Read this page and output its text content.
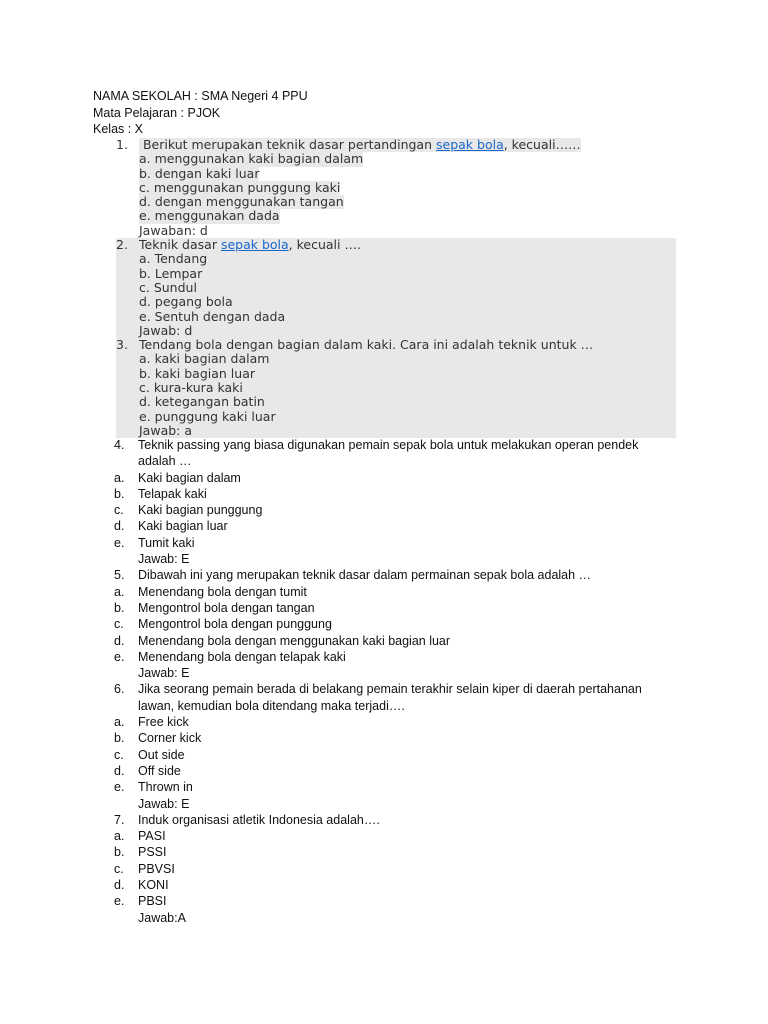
NAMA SEKOLAH : SMA Negeri 4 PPU
Mata Pelajaran : PJOK
Kelas : X
1. Berikut merupakan teknik dasar pertandingan sepak bola, kecuali……
a. menggunakan kaki bagian dalam
b. dengan kaki luar
c. menggunakan punggung kaki
d. dengan menggunakan tangan
e. menggunakan dada
Jawaban: d
2. Teknik dasar sepak bola, kecuali ….
a. Tendang
b. Lempar
c. Sundul
d. pegang bola
e. Sentuh dengan dada
Jawab: d
3. Tendang bola dengan bagian dalam kaki. Cara ini adalah teknik untuk …
a. kaki bagian dalam
b. kaki bagian luar
c. kura-kura kaki
d. ketegangan batin
e. punggung kaki luar
Jawab: a
4.	Teknik passing yang biasa digunakan pemain sepak bola untuk melakukan operan pendek
adalah …
a.	Kaki bagian dalam
b.	Telapak kaki
c.	Kaki bagian punggung
d.	Kaki bagian luar
e.	Tumit kaki
Jawab: E
5.	Dibawah ini yang merupakan teknik dasar dalam permainan sepak bola adalah …
a.	Menendang bola dengan tumit
b.	Mengontrol bola dengan tangan
c.	Mengontrol bola dengan punggung
d.	Menendang bola dengan menggunakan kaki bagian luar
e.	Menendang bola dengan telapak kaki
Jawab: E
6.	Jika seorang pemain berada di belakang pemain terakhir selain kiper di daerah pertahanan
lawan, kemudian bola ditendang maka terjadi….
a.	Free kick
b.	Corner kick
c.	Out side
d.	Off side
e.	Thrown in
Jawab: E
7.	Induk organisasi atletik Indonesia adalah….
a.	PASI
b.	PSSI
c.	PBVSI
d.	KONI
e.	PBSI
Jawab:A
